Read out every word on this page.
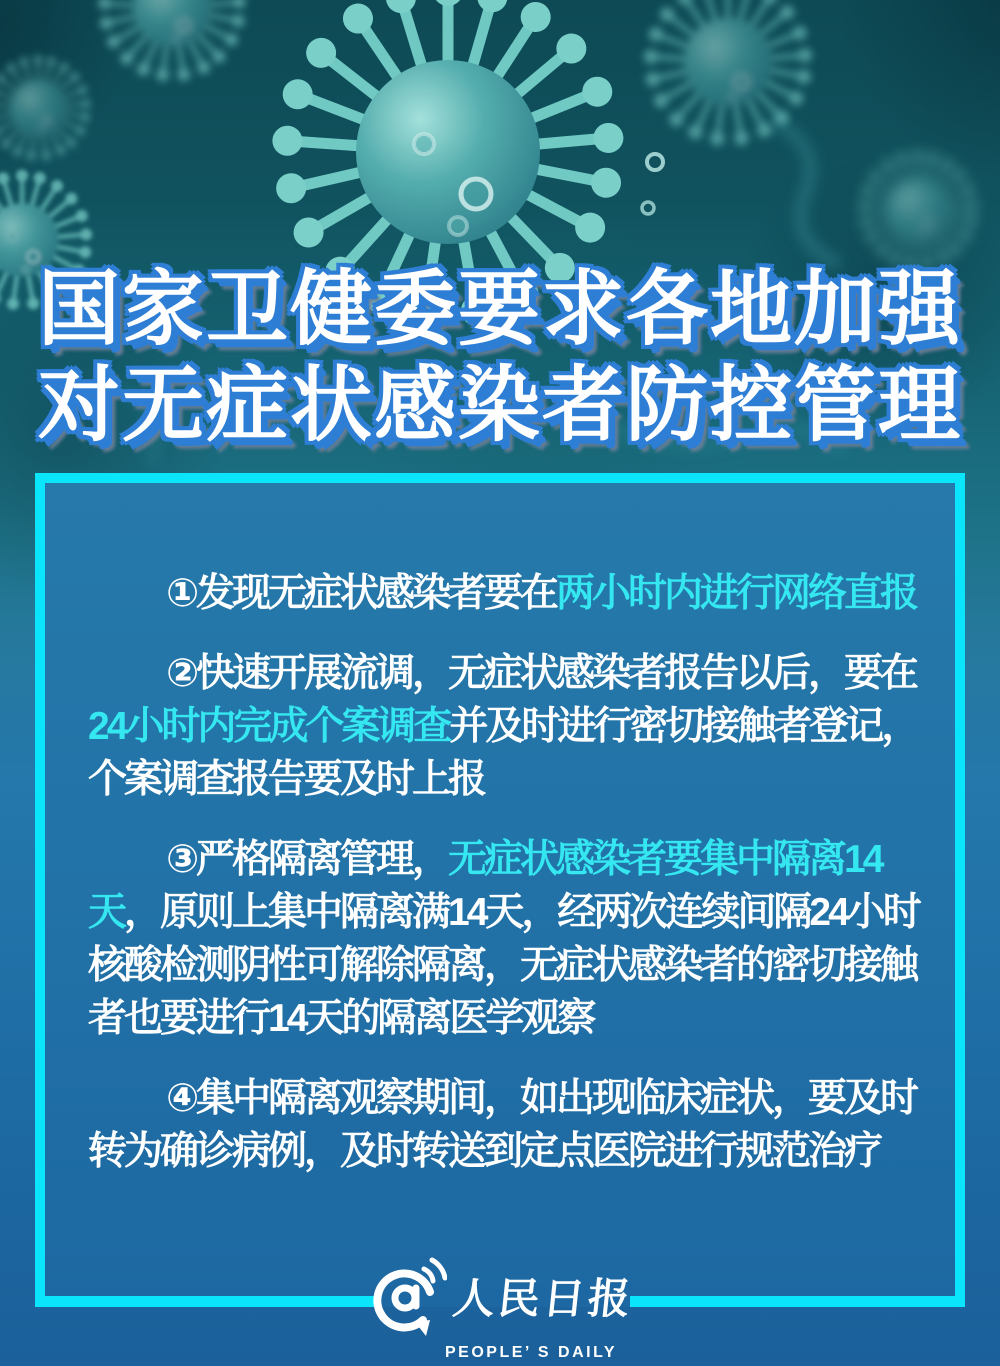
国家卫健委要求各地加强
对无症状感染者防控管理

①发现无症状感染者要在两小时内进行网络直报

②快速开展流调，无症状感染者报告以后，要在24小时内完成个案调查并及时进行密切接触者登记，个案调查报告要及时上报

③严格隔离管理，无症状感染者要集中隔离14天，原则上集中隔离满14天，经两次连续间隔24小时核酸检测阴性可解除隔离，无症状感染者的密切接触者也要进行14天的隔离医学观察

④集中隔离观察期间，如出现临床症状，要及时转为确诊病例，及时转送到定点医院进行规范治疗

人民日报
PEOPLE’ S DAILY
